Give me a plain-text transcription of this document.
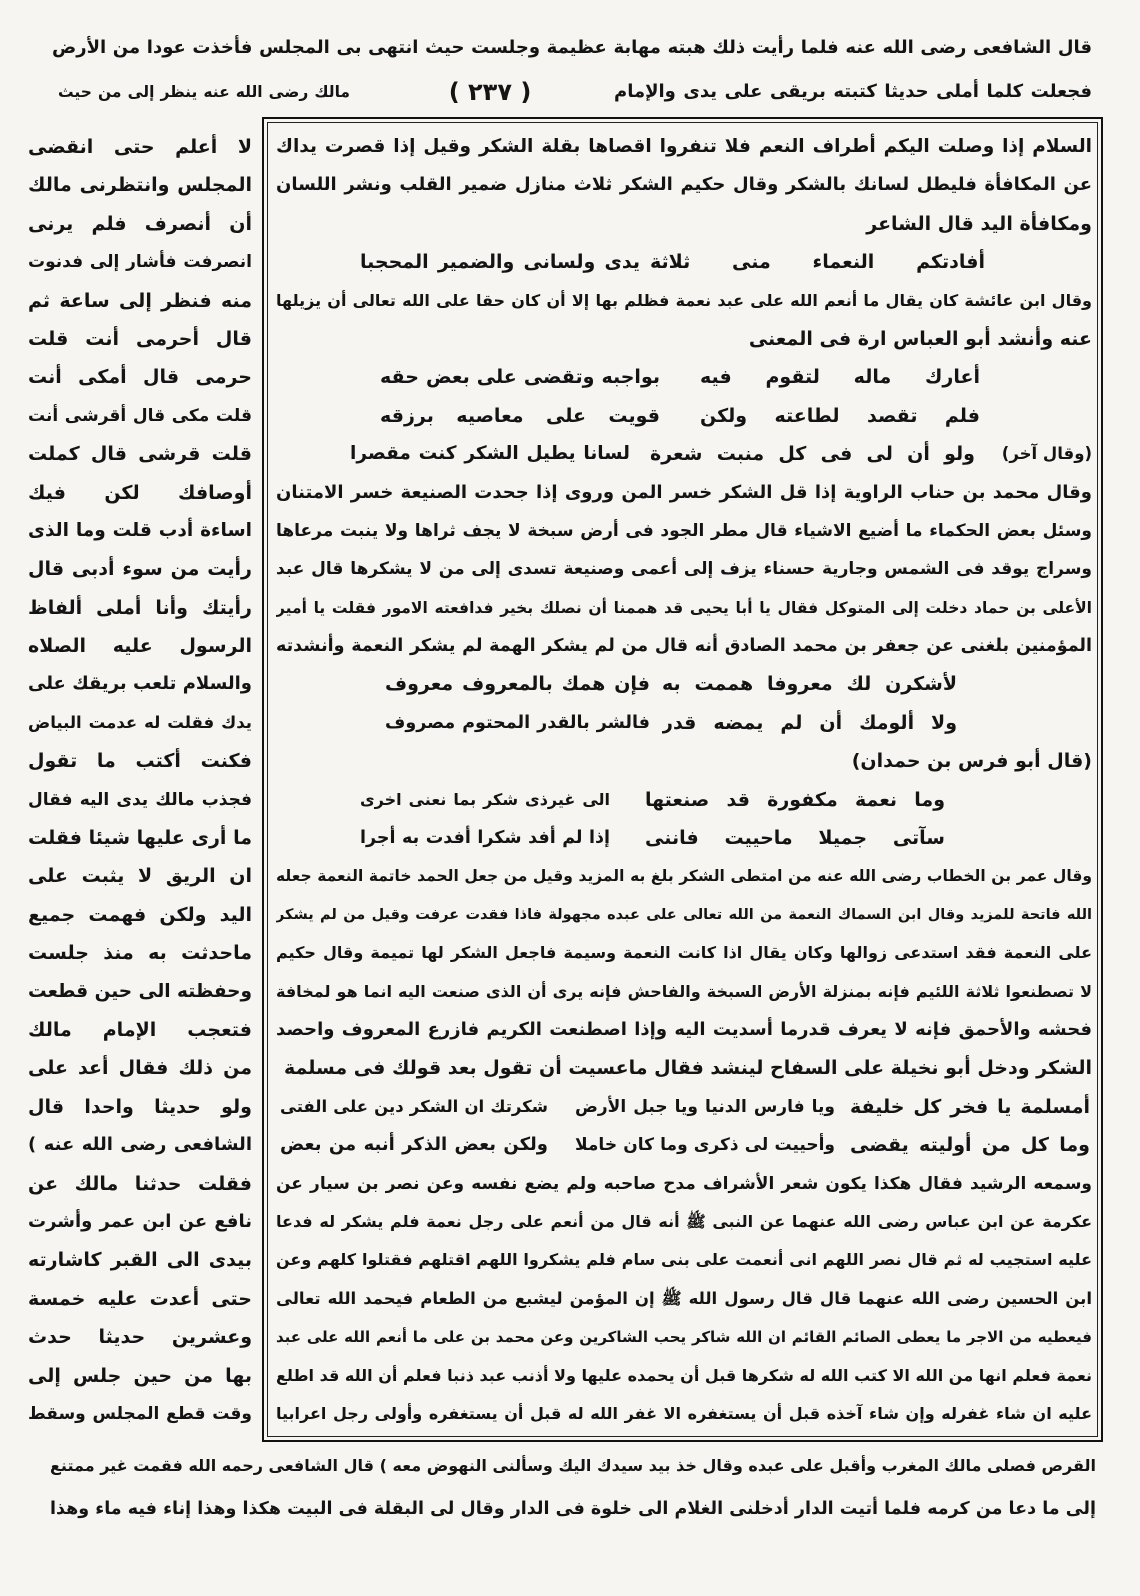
قال الشافعى رضى الله عنه فلما رأيت ذلك هبته مهابة عظيمة وجلست حيث انتهى بى المجلس فأخذت عودا من الأرض
فجعلت كلما أملى حديثا كتبته بريقى على يدى والإمام
( ٢٣٧ )
مالك رضى الله عنه ينظر إلى من حيث
السلام إذا وصلت اليكم أطراف النعم فلا تنفروا اقصاها بقلة الشكر وقيل إذا قصرت يداك
عن المكافأة فليطل لسانك بالشكر وقال حكيم الشكر ثلاث منازل ضمير القلب ونشر اللسان
ومكافأة اليد قال الشاعر
أفادتكم النعماء منى ثلاثة
يدى ولسانى والضمير المحجبا
وقال ابن عائشة كان يقال ما أنعم الله على عبد نعمة فظلم بها إلا أن كان حقا على الله تعالى أن يزيلها
عنه وأنشد أبو العباس ارة فى المعنى
أعارك ماله لتقوم فيه
بواجبه وتقضى على بعض حقه
فلم تقصد لطاعته ولكن
قويت على معاصيه برزقه
(وقال آخر)
ولو أن لى فى كل منبت شعرة
لسانا يطيل الشكر كنت مقصرا
وقال محمد بن حناب الراوية إذا قل الشكر خسر المن وروى إذا جحدت الصنيعة خسر الامتنان
وسئل بعض الحكماء ما أضيع الاشياء قال مطر الجود فى أرض سبخة لا يجف ثراها ولا ينبت مرعاها
وسراج يوقد فى الشمس وجارية حسناء يزف إلى أعمى وصنيعة تسدى إلى من لا يشكرها قال عبد
الأعلى بن حماد دخلت إلى المتوكل فقال يا أبا يحيى قد هممنا أن نصلك بخير فدافعته الامور فقلت يا أمير
المؤمنين بلغنى عن جعفر بن محمد الصادق أنه قال من لم يشكر الهمة لم يشكر النعمة وأنشدته
لأشكرن لك معروفا هممت به
فإن همك بالمعروف معروف
ولا ألومك أن لم يمضه قدر
فالشر بالقدر المحتوم مصروف
(قال أبو فرس بن حمدان)
وما نعمة مكفورة قد صنعتها
الى غيرذى شكر بما نعنى اخرى
سآتى جميلا ماحييت فاننى
إذا لم أفد شكرا أفدت به أجرا
وقال عمر بن الخطاب رضى الله عنه من امتطى الشكر بلغ به المزيد وقيل من جعل الحمد خاتمة النعمة جعله
الله فاتحة للمزيد وقال ابن السماك النعمة من الله تعالى على عبده مجهولة فاذا فقدت عرفت وقيل من لم يشكر
على النعمة فقد استدعى زوالها وكان يقال اذا كانت النعمة وسيمة فاجعل الشكر لها تميمة وقال حكيم
لا تصطنعوا ثلاثة اللئيم فإنه بمنزلة الأرض السبخة والفاحش فإنه يرى أن الذى صنعت اليه انما هو لمخافة
فحشه والأحمق فإنه لا يعرف قدرما أسديت اليه وإذا اصطنعت الكريم فازرع المعروف واحصد
الشكر ودخل أبو نخيلة على السفاح لينشد فقال ماعسيت أن تقول بعد قولك فى مسلمة
أمسلمة يا فخر كل خليفة
ويا فارس الدنيا ويا جبل الأرض
شكرتك ان الشكر دين على الفتى
وما كل من أوليته يقضى
وأحييت لى ذكرى وما كان خاملا
ولكن بعض الذكر أنبه من بعض
وسمعه الرشيد فقال هكذا يكون شعر الأشراف مدح صاحبه ولم يضع نفسه وعن نصر بن سيار عن
عكرمة عن ابن عباس رضى الله عنهما عن النبى ﷺ أنه قال من أنعم على رجل نعمة فلم يشكر له فدعا
عليه استجيب له ثم قال نصر اللهم انى أنعمت على بنى سام فلم يشكروا اللهم اقتلهم فقتلوا كلهم وعن
ابن الحسين رضى الله عنهما قال قال رسول الله ﷺ إن المؤمن ليشبع من الطعام فيحمد الله تعالى
فيعطيه من الاجر ما يعطى الصائم القائم ان الله شاكر يحب الشاكرين وعن محمد بن على ما أنعم الله على عبد
نعمة فعلم انها من الله الا كتب الله له شكرها قبل أن يحمده عليها ولا أذنب عبد ذنبا فعلم أن الله قد اطلع
عليه ان شاء غفرله وإن شاء آخذه قبل أن يستغفره الا غفر الله له قبل أن يستغفره وأولى رجل اعرابيا
لا أعلم حتى انقضى
المجلس وانتظرنى مالك
أن أنصرف فلم يرنى
انصرفت فأشار إلى فدنوت
منه فنظر إلى ساعة ثم
قال أحرمى أنت قلت
حرمى قال أمكى أنت
قلت مكى قال أقرشى أنت
قلت قرشى قال كملت
أوصافك لكن فيك
اساءة أدب قلت وما الذى
رأيت من سوء أدبى قال
رأيتك وأنا أملى ألفاظ
الرسول عليه الصلاه
والسلام تلعب بريقك على
يدك فقلت له عدمت البياض
فكنت أكتب ما تقول
فجذب مالك يدى اليه فقال
ما أرى عليها شيئا فقلت
ان الريق لا يثبت على
اليد ولكن فهمت جميع
ماحدثت به منذ جلست
وحفظته الى حين قطعت
فتعجب الإمام مالك
من ذلك فقال أعد على
ولو حديثا واحدا قال
الشافعى رضى الله عنه )
فقلت حدثنا مالك عن
نافع عن ابن عمر وأشرت
بيدى الى القبر كاشارته
حتى أعدت عليه خمسة
وعشرين حديثا حدث
بها من حين جلس إلى
وقت قطع المجلس وسقط
القرص فصلى مالك المغرب وأقبل على عبده وقال خذ بيد سيدك اليك وسألنى النهوض معه ) قال الشافعى رحمه الله فقمت غير ممتنع
إلى ما دعا من كرمه فلما أتيت الدار أدخلنى الغلام الى خلوة فى الدار وقال لى البقلة فى البيت هكذا وهذا إناء فيه ماء وهذا
